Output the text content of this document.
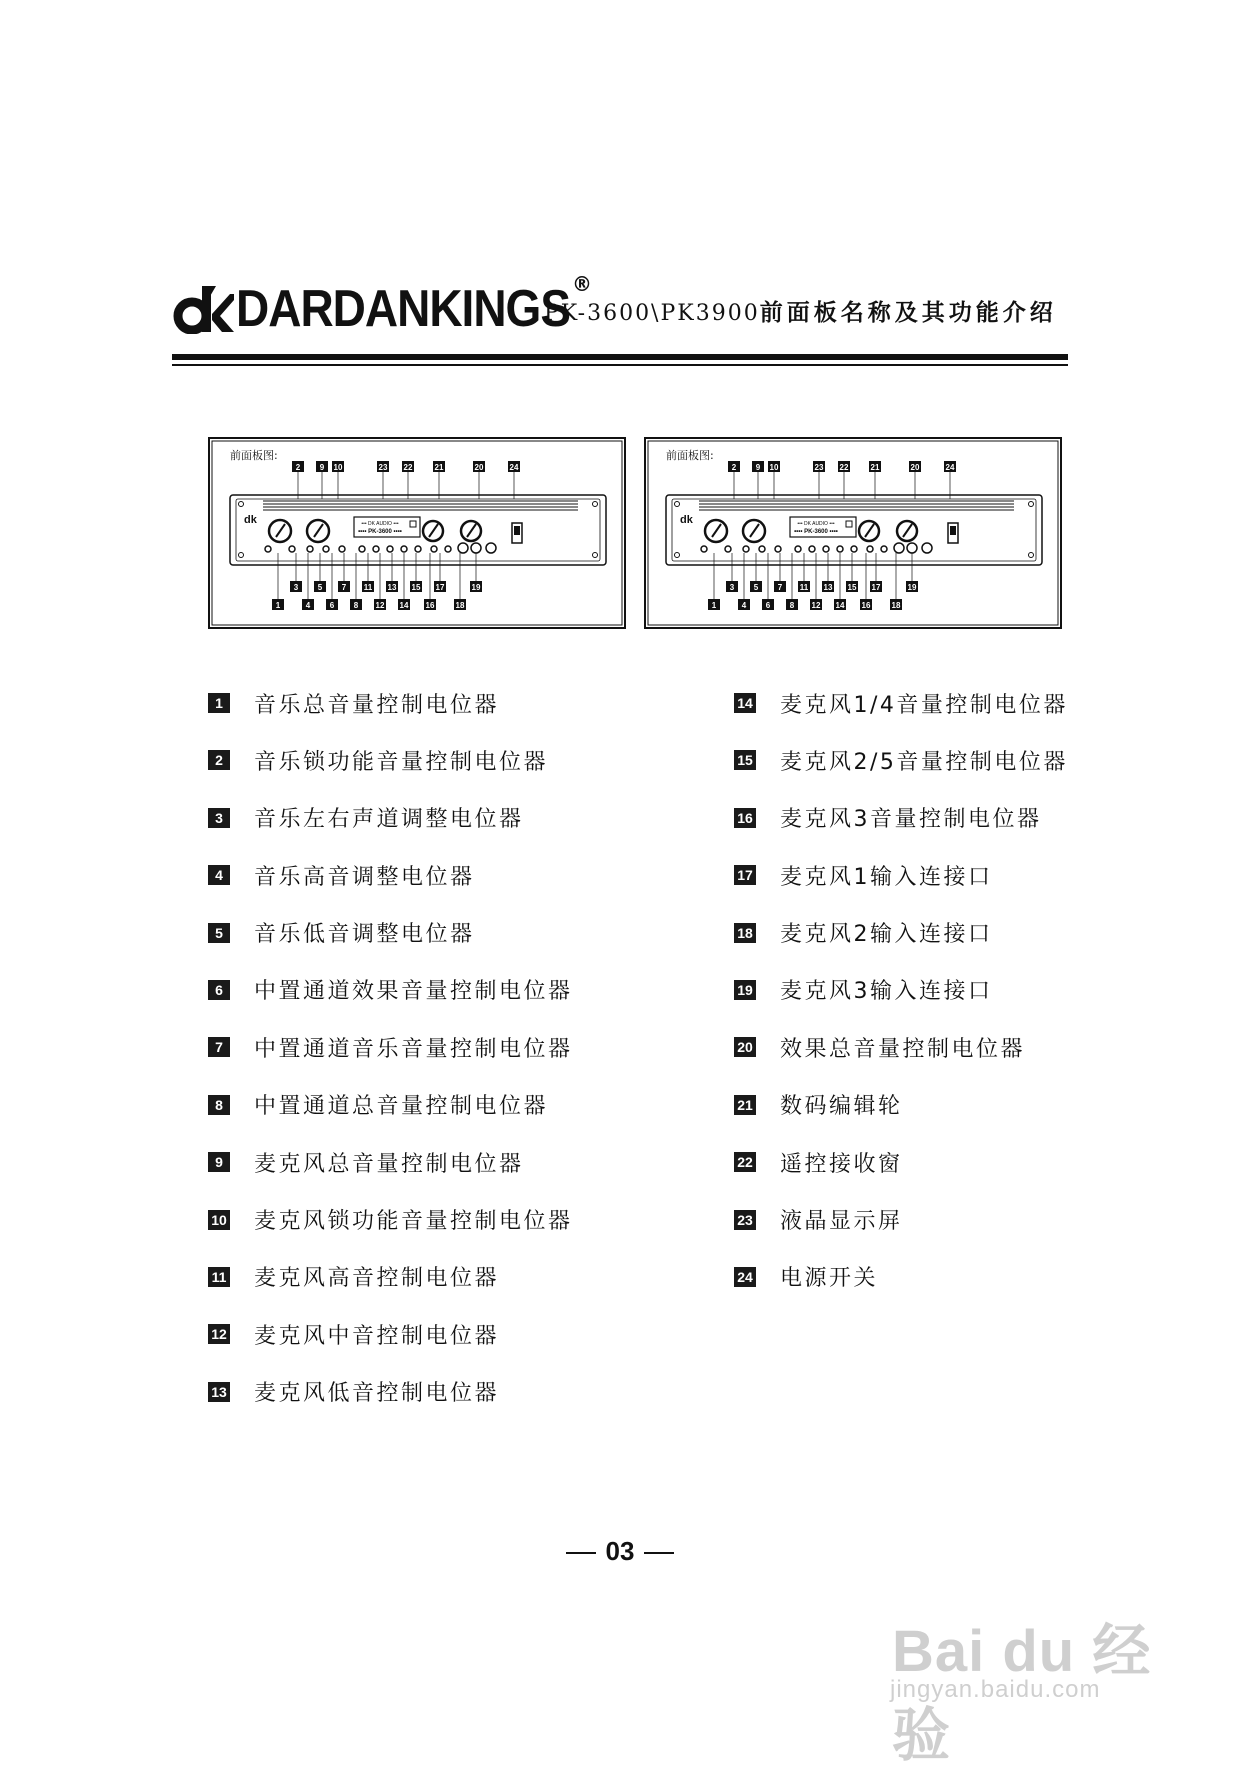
DARDANKINGS ®
PK-3600\PK3900前面板名称及其功能介绍
前面板图:
dk	••• DK AUDIO •••
•••• PK-3600 ••••
2 9 10	23 22	21	20	24
3 5 7 11 13 15 17	19
1	4 6 8 12 14 16	18
前面板图:
dk	••• DK AUDIO •••
•••• PK-3600 ••••
2 9 10	23 22	21	20	24
3 5 7 11 13 15 17	19
1	4 6 8 12 14 16	18
1	音乐总音量控制电位器
2	音乐锁功能音量控制电位器
3	音乐左右声道调整电位器
4	音乐高音调整电位器
5	音乐低音调整电位器
6	中置通道效果音量控制电位器
7	中置通道音乐音量控制电位器
8	中置通道总音量控制电位器
9	麦克风总音量控制电位器
10 麦克风锁功能音量控制电位器
11 麦克风高音控制电位器
12 麦克风中音控制电位器
13 麦克风低音控制电位器
14 麦克风1/4音量控制电位器
15 麦克风2/5音量控制电位器
16 麦克风3音量控制电位器
17 麦克风1输入连接口
18 麦克风2输入连接口
19 麦克风3输入连接口
20 效果总音量控制电位器
21 数码编辑轮
22 遥控接收窗
23 液晶显示屏
24 电源开关
03
Bai du 经验
jingyan.baidu.com
